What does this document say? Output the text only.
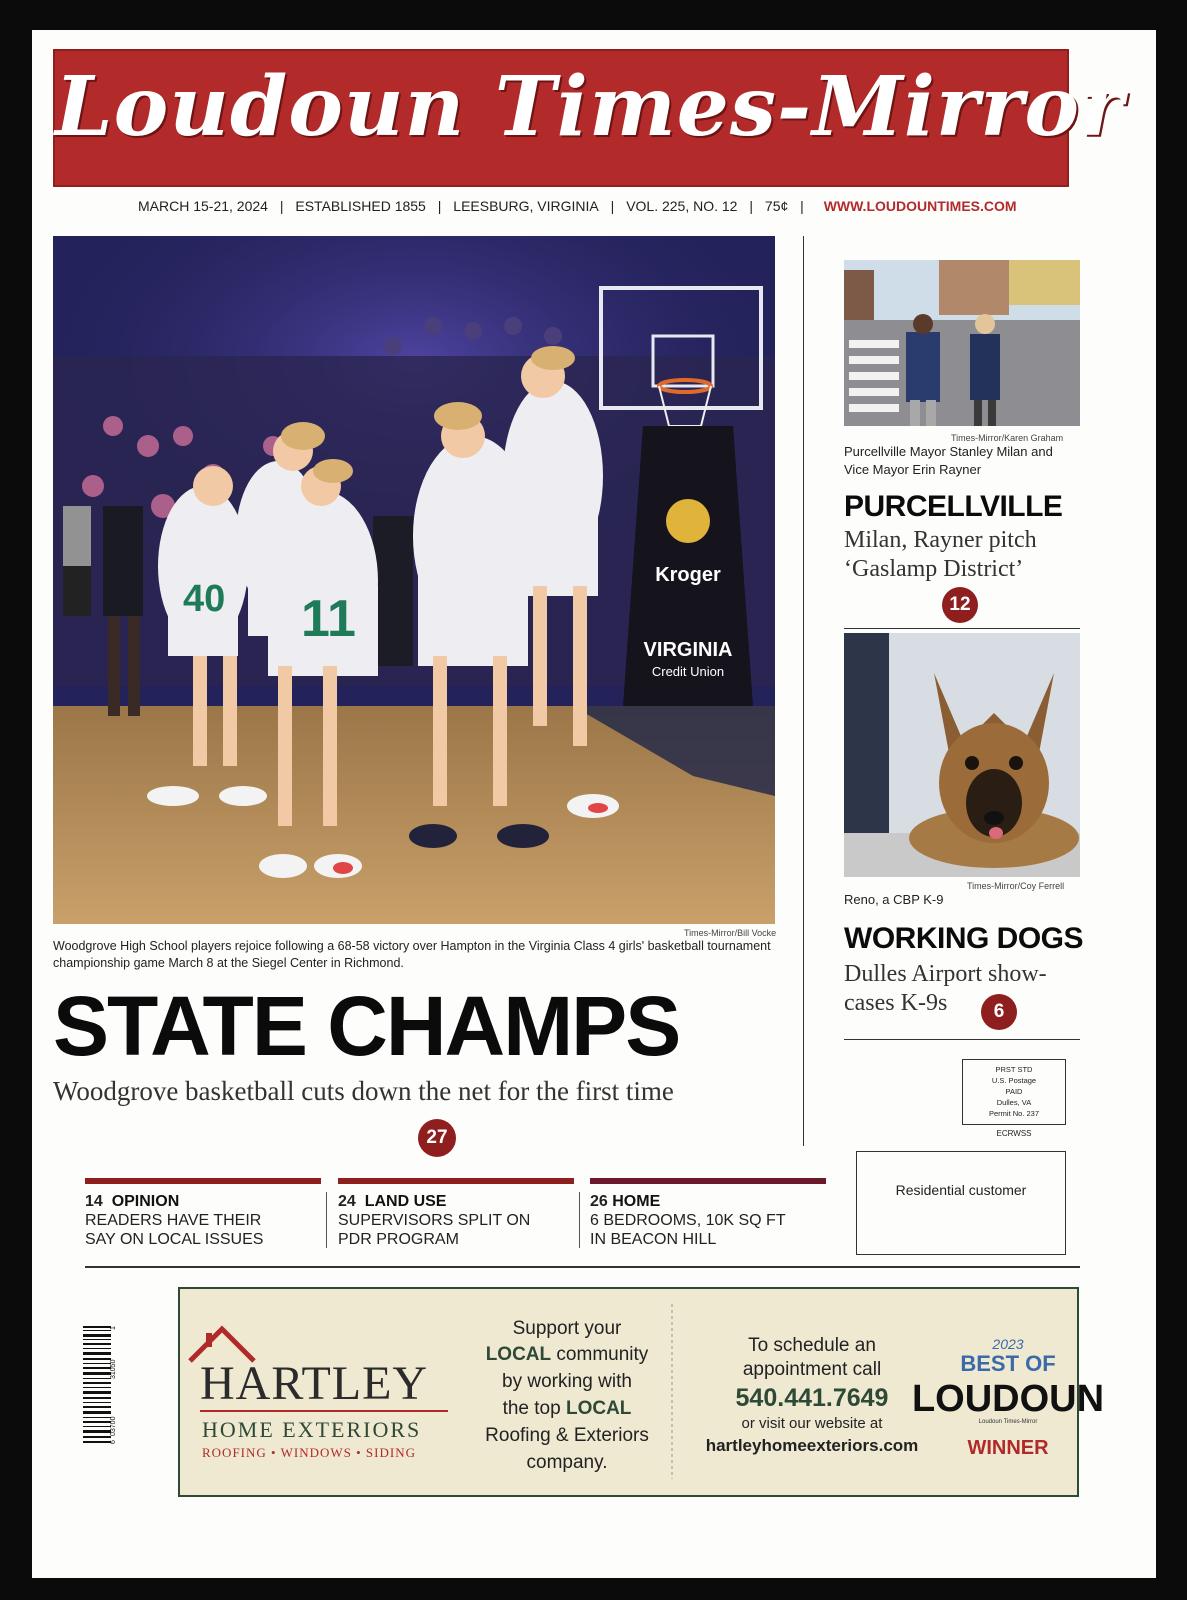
Loudoun Times-Mirror
MARCH 15-21, 2024 | ESTABLISHED 1855 | LEESBURG, VIRGINIA | VOL. 225, NO. 12 | 75¢ | WWW.LOUDOUNTIMES.COM
Kroger
VIRGINIA
Credit Union
40 11
Times-Mirror/Bill Vocke
Woodgrove High School players rejoice following a 68-58 victory over Hampton in the Virginia Class 4 girls' basketball tournament championship game March 8 at the Siegel Center in Richmond.
STATE CHAMPS
Woodgrove basketball cuts down the net for the first time
27
Times-Mirror/Karen Graham
Purcellville Mayor Stanley Milan and Vice Mayor Erin Rayner
PURCELLVILLE
Milan, Rayner pitch ‘Gaslamp District’
12
Times-Mirror/Coy Ferrell
Reno, a CBP K-9
WORKING DOGS
Dulles Airport show-
cases K-9s	6
PRST STD
U.S. Postage
PAID
Dulles, VA
Permit No. 237
ECRWSS
Residential customer
14 OPINION
READERS HAVE THEIR
SAY ON LOCAL ISSUES
24 LAND USE
SUPERVISORS SPLIT ON
PDR PROGRAM
26 HOME
6 BEDROOMS, 10K SQ FT
IN BEACON HILL
03700
31050
6
1
HARTLEY
HOME EXTERIORS
ROOFING • WINDOWS • SIDING
Support your
LOCAL community
by working with
the top LOCAL
Roofing & Exteriors
company.
To schedule an
appointment call
540.441.7649
or visit our website at
hartleyhomeexteriors.com
2023
BEST OF
LOUDOUN
Loudoun Times-Mirror
WINNER
